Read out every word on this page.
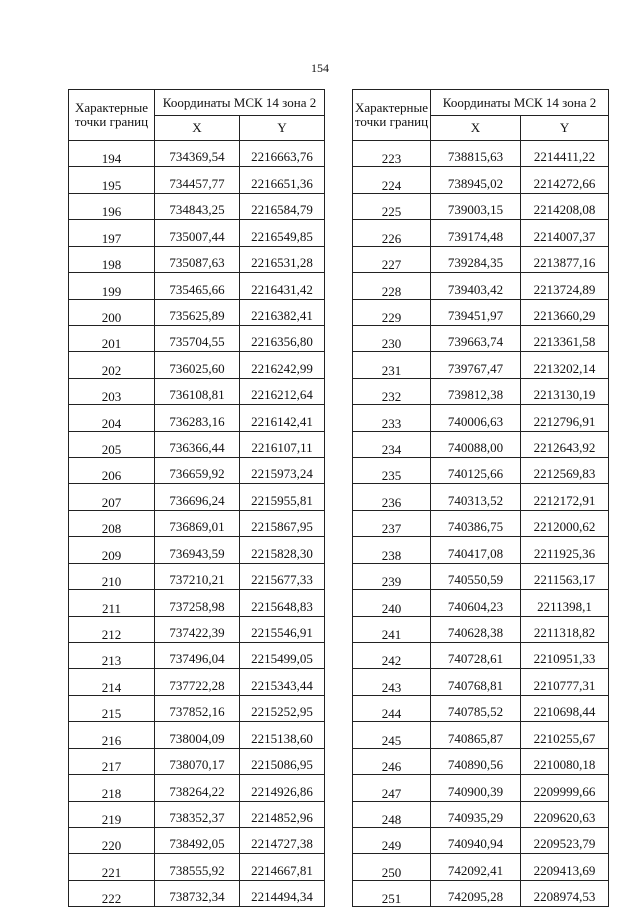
154
Характерные точки границ	Координаты МСК 14 зона 2	
	X	Y
194	734369,54	2216663,76
195	734457,77	2216651,36
196	734843,25	2216584,79
197	735007,44	2216549,85
198	735087,63	2216531,28
199	735465,66	2216431,42
200	735625,89	2216382,41
201	735704,55	2216356,80
202	736025,60	2216242,99
203	736108,81	2216212,64
204	736283,16	2216142,41
205	736366,44	2216107,11
206	736659,92	2215973,24
207	736696,24	2215955,81
208	736869,01	2215867,95
209	736943,59	2215828,30
210	737210,21	2215677,33
211	737258,98	2215648,83
212	737422,39	2215546,91
213	737496,04	2215499,05
214	737722,28	2215343,44
215	737852,16	2215252,95
216	738004,09	2215138,60
217	738070,17	2215086,95
218	738264,22	2214926,86
219	738352,37	2214852,96
220	738492,05	2214727,38
221	738555,92	2214667,81
222	738732,34	2214494,34
Характерные точки границ	Координаты МСК 14 зона 2	
	X	Y
223	738815,63	2214411,22
224	738945,02	2214272,66
225	739003,15	2214208,08
226	739174,48	2214007,37
227	739284,35	2213877,16
228	739403,42	2213724,89
229	739451,97	2213660,29
230	739663,74	2213361,58
231	739767,47	2213202,14
232	739812,38	2213130,19
233	740006,63	2212796,91
234	740088,00	2212643,92
235	740125,66	2212569,83
236	740313,52	2212172,91
237	740386,75	2212000,62
238	740417,08	2211925,36
239	740550,59	2211563,17
240	740604,23	2211398,1
241	740628,38	2211318,82
242	740728,61	2210951,33
243	740768,81	2210777,31
244	740785,52	2210698,44
245	740865,87	2210255,67
246	740890,56	2210080,18
247	740900,39	2209999,66
248	740935,29	2209620,63
249	740940,94	2209523,79
250	742092,41	2209413,69
251	742095,28	2208974,53
